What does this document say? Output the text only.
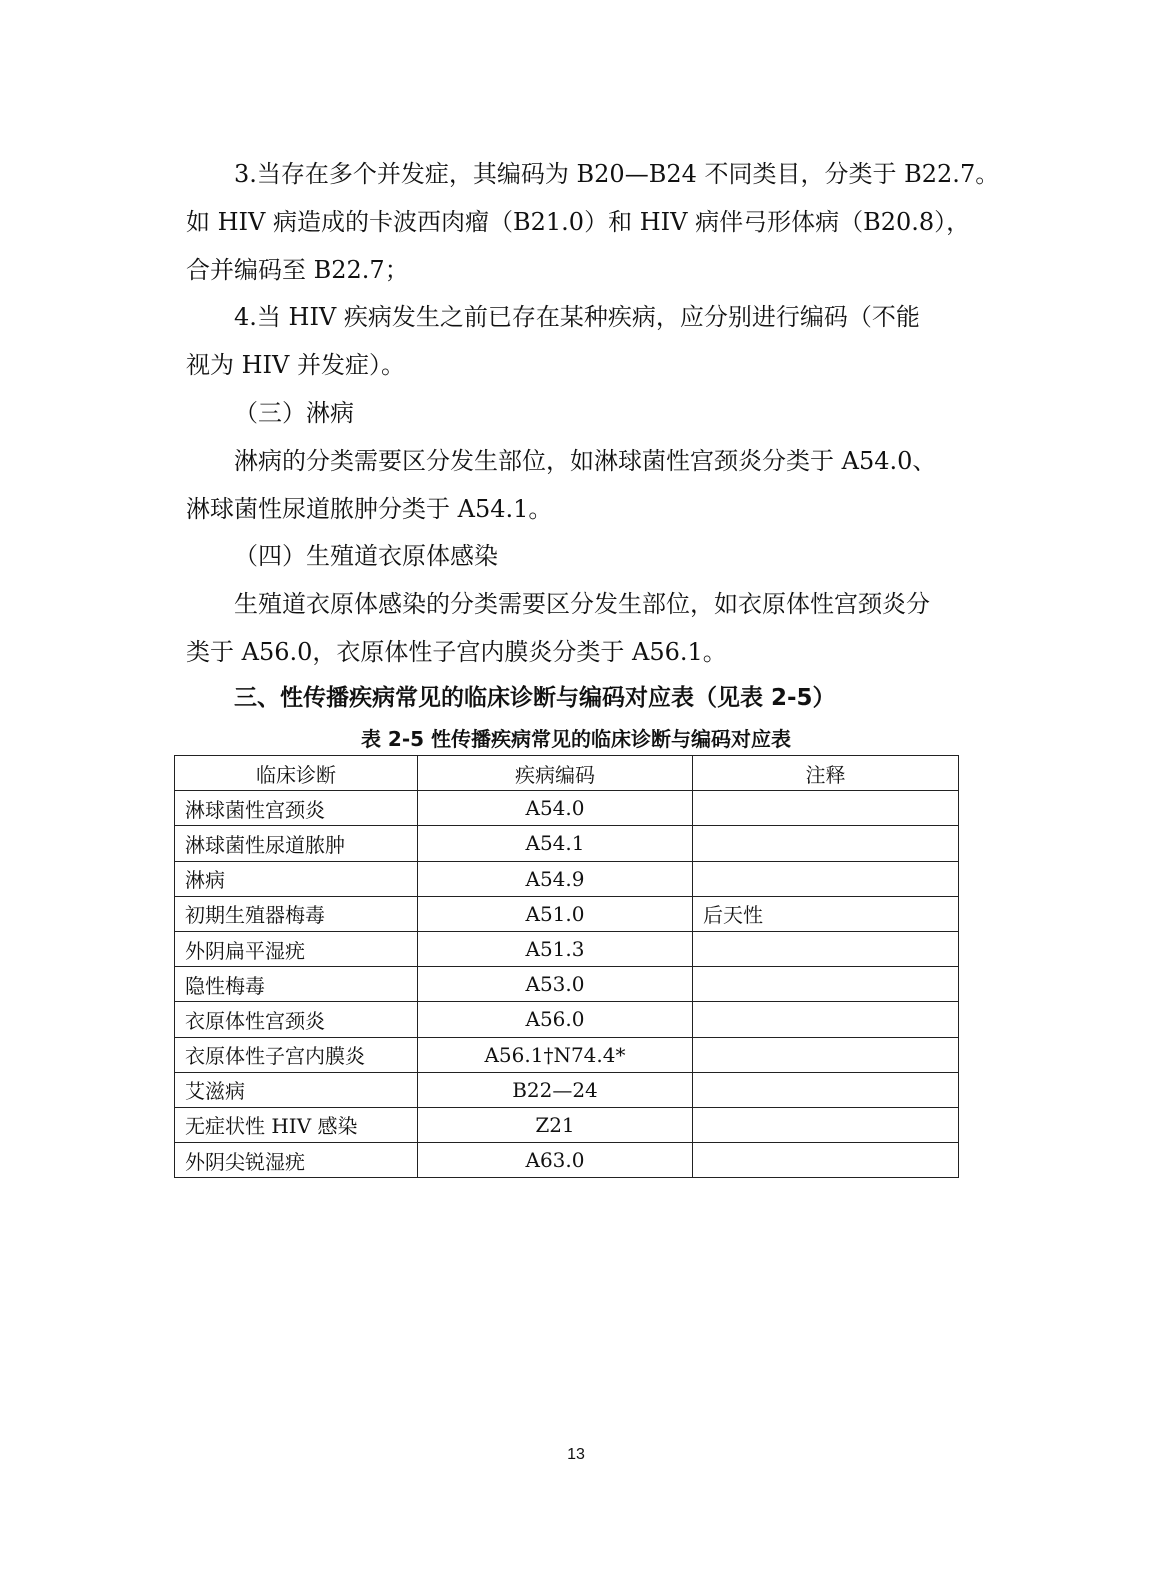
3.当存在多个并发症，其编码为 B20—B24 不同类目，分类于 B22.7。
如 HIV 病造成的卡波西肉瘤（B21.0）和 HIV 病伴弓形体病（B20.8），
合并编码至 B22.7；
4.当 HIV 疾病发生之前已存在某种疾病，应分别进行编码（不能
视为 HIV 并发症）。
（三）淋病
淋病的分类需要区分发生部位，如淋球菌性宫颈炎分类于 A54.0、
淋球菌性尿道脓肿分类于 A54.1。
（四）生殖道衣原体感染
生殖道衣原体感染的分类需要区分发生部位，如衣原体性宫颈炎分
类于 A56.0，衣原体性子宫内膜炎分类于 A56.1。
三、性传播疾病常见的临床诊断与编码对应表（见表 2-5）
表 2-5 性传播疾病常见的临床诊断与编码对应表
临床诊断	疾病编码	注释
淋球菌性宫颈炎	A54.0	
淋球菌性尿道脓肿	A54.1	
淋病	A54.9	
初期生殖器梅毒	A51.0	后天性
外阴扁平湿疣	A51.3	
隐性梅毒	A53.0	
衣原体性宫颈炎	A56.0	
衣原体性子宫内膜炎	A56.1†N74.4*	
艾滋病	B22—24	
无症状性 HIV 感染	Z21	
外阴尖锐湿疣	A63.0	
13
